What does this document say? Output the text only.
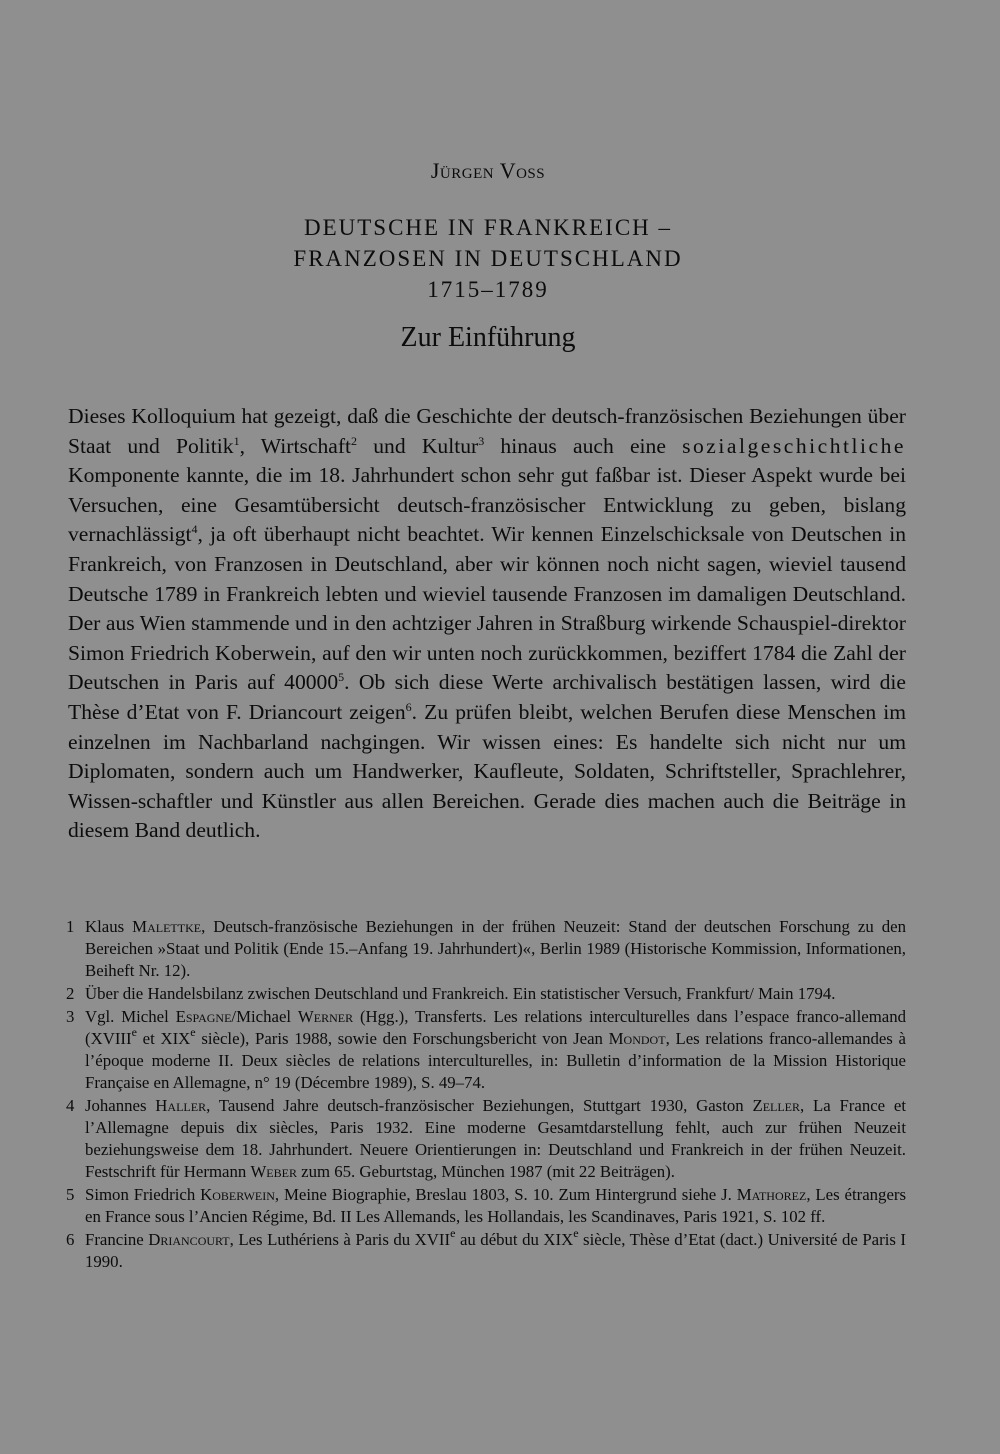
Jürgen Voss
DEUTSCHE IN FRANKREICH –
FRANZOSEN IN DEUTSCHLAND
1715–1789
Zur Einführung

Dieses Kolloquium hat gezeigt, daß die Geschichte der deutsch-französischen Beziehungen über Staat und Politik$^1$, Wirtschaft$^2$ und Kultur$^3$ hinaus auch eine sozialgeschichtliche Komponente kannte, die im 18. Jahrhundert schon sehr gut faßbar ist. Dieser Aspekt wurde bei Versuchen, eine Gesamtübersicht deutsch-französischer Entwicklung zu geben, bislang vernachlässigt$^4$, ja oft überhaupt nicht beachtet. Wir kennen Einzelschicksale von Deutschen in Frankreich, von Franzosen in Deutschland, aber wir können noch nicht sagen, wieviel tausend Deutsche 1789 in Frankreich lebten und wieviel tausende Franzosen im damaligen Deutschland. Der aus Wien stammende und in den achtziger Jahren in Straßburg wirkende Schauspiel-direktor Simon Friedrich Koberwein, auf den wir unten noch zurückkommen, beziffert 1784 die Zahl der Deutschen in Paris auf 40000$^5$. Ob sich diese Werte archivalisch bestätigen lassen, wird die Thèse d’Etat von F. Driancourt zeigen$^6$. Zu prüfen bleibt, welchen Berufen diese Menschen im einzelnen im Nachbarland nachgingen. Wir wissen eines: Es handelte sich nicht nur um Diplomaten, sondern auch um Handwerker, Kaufleute, Soldaten, Schriftsteller, Sprachlehrer, Wissen-schaftler und Künstler aus allen Bereichen. Gerade dies machen auch die Beiträge in diesem Band deutlich.

1 Klaus Malettke, Deutsch-französische Beziehungen in der frühen Neuzeit: Stand der deutschen Forschung zu den Bereichen »Staat und Politik (Ende 15.–Anfang 19. Jahrhundert)«, Berlin 1989 (Historische Kommission, Informationen, Beiheft Nr. 12).
2 Über die Handelsbilanz zwischen Deutschland und Frankreich. Ein statistischer Versuch, Frankfurt/ Main 1794.
3 Vgl. Michel Espagne/Michael Werner (Hgg.), Transferts. Les relations interculturelles dans l’espace franco-allemand (XVIIIe et XIXe siècle), Paris 1988, sowie den Forschungsbericht von Jean Mondot, Les relations franco-allemandes à l’époque moderne II. Deux siècles de relations interculturelles, in: Bulletin d’information de la Mission Historique Française en Allemagne, n° 19 (Décembre 1989), S. 49–74.
4 Johannes Haller, Tausend Jahre deutsch-französischer Beziehungen, Stuttgart 1930, Gaston Zeller, La France et l’Allemagne depuis dix siècles, Paris 1932. Eine moderne Gesamtdarstellung fehlt, auch zur frühen Neuzeit beziehungsweise dem 18. Jahrhundert. Neuere Orientierungen in: Deutschland und Frankreich in der frühen Neuzeit. Festschrift für Hermann Weber zum 65. Geburtstag, München 1987 (mit 22 Beiträgen).
5 Simon Friedrich Koberwein, Meine Biographie, Breslau 1803, S. 10. Zum Hintergrund siehe J. Mathorez, Les étrangers en France sous l’Ancien Régime, Bd. II Les Allemands, les Hollandais, les Scandinaves, Paris 1921, S. 102 ff.
6 Francine Driancourt, Les Luthériens à Paris du XVIIe au début du XIXe siècle, Thèse d’Etat (dact.) Université de Paris I 1990.
